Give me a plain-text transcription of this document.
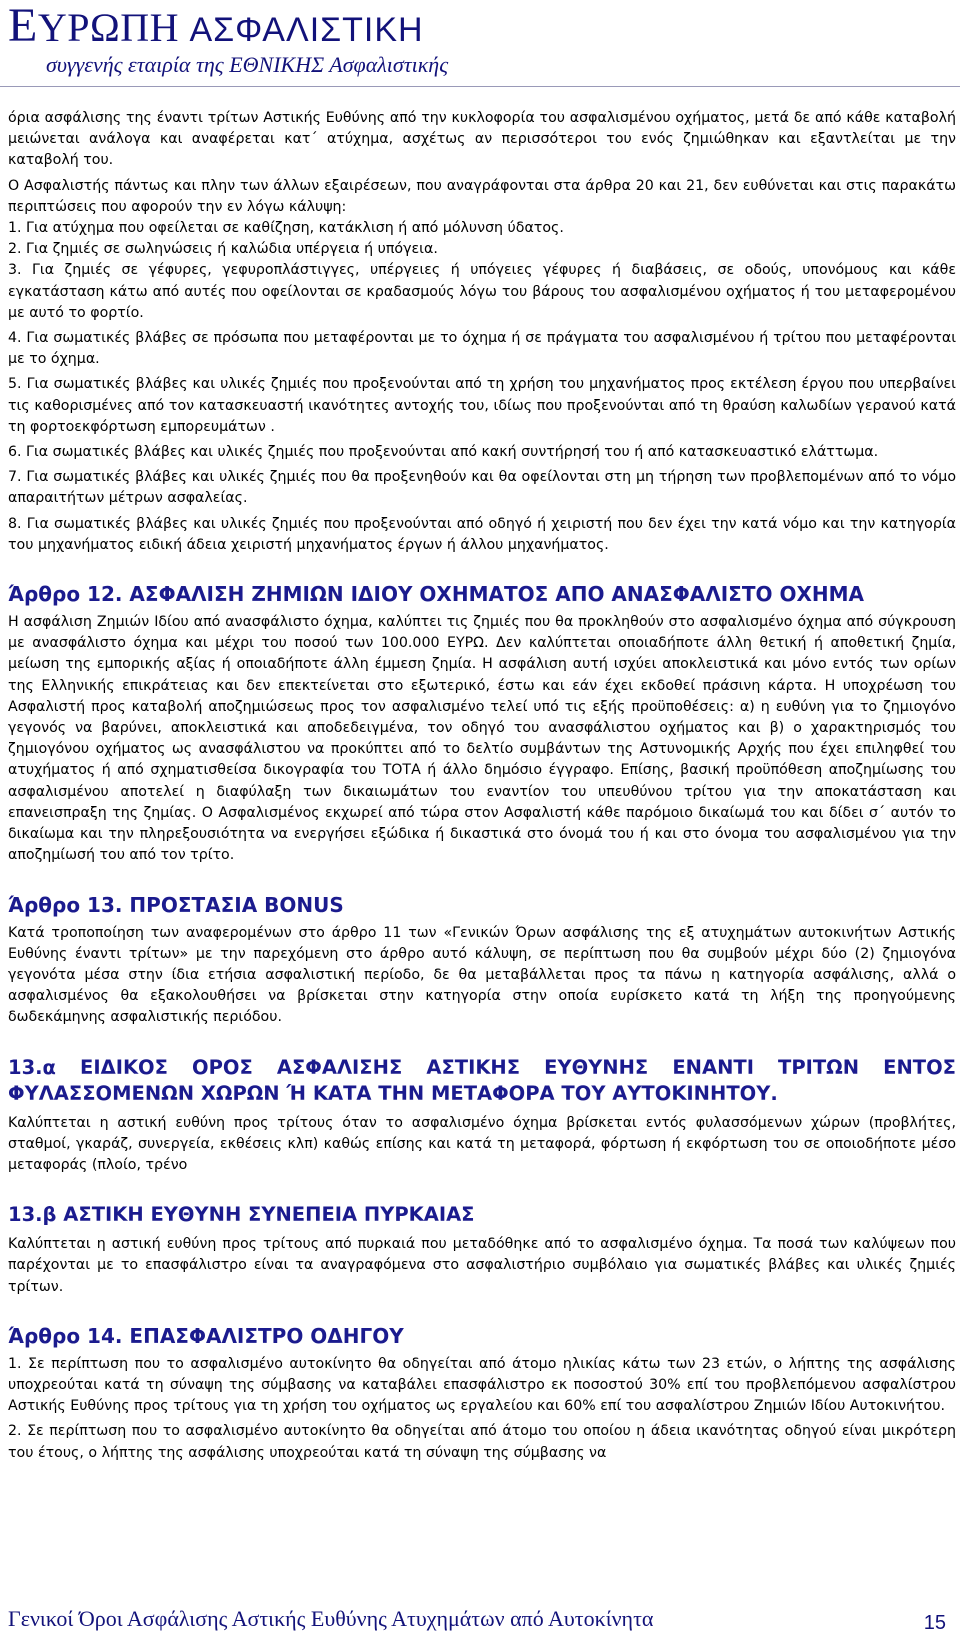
ΕΥΡΩΠΗ ΑΣΦΑΛΙΣΤΙΚΗ
συγγενής εταιρία της ΕΘΝΙΚΗΣ Ασφαλιστικής

όρια ασφάλισης της έναντι τρίτων Αστικής Ευθύνης από την κυκλοφορία του ασφαλισμένου οχήματος, μετά δε από κάθε καταβολή μειώνεται ανάλογα και αναφέρεται κατ΄ ατύχημα, ασχέτως αν περισσότεροι του ενός ζημιώθηκαν και εξαντλείται με την καταβολή του.

Ο Ασφαλιστής πάντως και πλην των άλλων εξαιρέσεων, που αναγράφονται στα άρθρα 20 και 21, δεν ευθύνεται και στις παρακάτω περιπτώσεις που αφορούν την εν λόγω κάλυψη:

1. Για ατύχημα που οφείλεται σε καθίζηση, κατάκλιση ή από μόλυνση ύδατος.

2. Για ζημιές σε σωληνώσεις ή καλώδια υπέργεια ή υπόγεια.

3. Για ζημιές σε γέφυρες, γεφυροπλάστιγγες, υπέργειες ή υπόγειες γέφυρες ή διαβάσεις, σε οδούς, υπονόμους και κάθε εγκατάσταση κάτω από αυτές που οφείλονται σε κραδασμούς λόγω του βάρους του ασφαλισμένου οχήματος ή του μεταφερομένου με αυτό το φορτίο.

4. Για σωματικές βλάβες σε πρόσωπα που μεταφέρονται με το όχημα ή σε πράγματα του ασφαλισμένου ή τρίτου που μεταφέρονται με το όχημα.

5. Για σωματικές βλάβες και υλικές ζημιές που προξενούνται από τη χρήση του μηχανήματος προς εκτέλεση έργου που υπερβαίνει τις καθορισμένες από τον κατασκευαστή ικανότητες αντοχής του, ιδίως που προξενούνται από τη θραύση καλωδίων γερανού κατά τη φορτοεκφόρτωση εμπορευμάτων .

6. Για σωματικές βλάβες και υλικές ζημιές που προξενούνται από κακή συντήρησή του ή από κατασκευαστικό ελάττωμα.

7. Για σωματικές βλάβες και υλικές ζημιές που θα προξενηθούν και θα οφείλονται στη μη τήρηση των προβλεπομένων από το νόμο απαραιτήτων μέτρων ασφαλείας.

8. Για σωματικές βλάβες και υλικές ζημιές που προξενούνται από οδηγό ή χειριστή που δεν έχει την κατά νόμο και την κατηγορία του μηχανήματος ειδική άδεια χειριστή μηχανήματος έργων ή άλλου μηχανήματος.

Άρθρο 12. ΑΣΦΑΛΙΣΗ ΖΗΜΙΩΝ ΙΔΙΟΥ ΟΧΗΜΑΤΟΣ ΑΠΟ ΑΝΑΣΦΑΛΙΣΤΟ ΟΧΗΜΑ

Η ασφάλιση Ζημιών Ιδίου από ανασφάλιστο όχημα, καλύπτει τις ζημιές που θα προκληθούν στο ασφαλισμένο όχημα από σύγκρουση με ανασφάλιστο όχημα και μέχρι του ποσού των 100.000 ΕΥΡΩ. Δεν καλύπτεται οποιαδήποτε άλλη θετική ή αποθετική ζημία, μείωση της εμπορικής αξίας ή οποιαδήποτε άλλη έμμεση ζημία. Η ασφάλιση αυτή ισχύει αποκλειστικά και μόνο εντός των ορίων της Ελληνικής επικράτειας και δεν επεκτείνεται στο εξωτερικό, έστω και εάν έχει εκδοθεί πράσινη κάρτα. Η υποχρέωση του Ασφαλιστή προς καταβολή αποζημιώσεως προς τον ασφαλισμένο τελεί υπό τις εξής προϋποθέσεις: α) η ευθύνη για το ζημιογόνο γεγονός να βαρύνει, αποκλειστικά και αποδεδειγμένα, τον οδηγό του ανασφάλιστου οχήματος και β) ο χαρακτηρισμός του ζημιογόνου οχήματος ως ανασφάλιστου να προκύπτει από το δελτίο συμβάντων της Αστυνομικής Αρχής που έχει επιληφθεί του ατυχήματος ή από σχηματισθείσα δικογραφία του ΤΟΤΑ ή άλλο δημόσιο έγγραφο. Επίσης, βασική προϋπόθεση αποζημίωσης του ασφαλισμένου αποτελεί η διαφύλαξη των δικαιωμάτων του εναντίον του υπευθύνου τρίτου για την αποκατάσταση και επανεισπραξη της ζημίας. Ο Ασφαλισμένος εκχωρεί από τώρα στον Ασφαλιστή κάθε παρόμοιο δικαίωμά του και δίδει σ΄ αυτόν το δικαίωμα και την πληρεξουσιότητα να ενεργήσει εξώδικα ή δικαστικά στο όνομά του ή και στο όνομα του ασφαλισμένου για την αποζημίωσή του από τον τρίτο.

Άρθρο 13. ΠΡΟΣΤΑΣΙΑ BONUS

Κατά τροποποίηση των αναφερομένων στο άρθρο 11 των «Γενικών Όρων ασφάλισης της εξ ατυχημάτων αυτοκινήτων Αστικής Ευθύνης έναντι τρίτων» με την παρεχόμενη στο άρθρο αυτό κάλυψη, σε περίπτωση που θα συμβούν μέχρι δύο (2) ζημιογόνα γεγονότα μέσα στην ίδια ετήσια ασφαλιστική περίοδο, δε θα μεταβάλλεται προς τα πάνω η κατηγορία ασφάλισης, αλλά ο ασφαλισμένος θα εξακολουθήσει να βρίσκεται στην κατηγορία στην οποία ευρίσκετο κατά τη λήξη της προηγούμενης δωδεκάμηνης ασφαλιστικής περιόδου.

13.α ΕΙΔΙΚΟΣ ΟΡΟΣ ΑΣΦΑΛΙΣΗΣ ΑΣΤΙΚΗΣ ΕΥΘΥΝΗΣ ΕΝΑΝΤΙ ΤΡΙΤΩΝ ΕΝΤΟΣ ΦΥΛΑΣΣΟΜΕΝΩΝ ΧΩΡΩΝ Ή ΚΑΤΑ ΤΗΝ ΜΕΤΑΦΟΡΑ ΤΟΥ ΑΥΤΟΚΙΝΗΤΟΥ.

Καλύπτεται η αστική ευθύνη προς τρίτους όταν το ασφαλισμένο όχημα βρίσκεται εντός φυλασσόμενων χώρων (προβλήτες, σταθμοί, γκαράζ, συνεργεία, εκθέσεις κλπ) καθώς επίσης και κατά τη μεταφορά, φόρτωση ή εκφόρτωση του σε οποιοδήποτε μέσο μεταφοράς (πλοίο, τρένο

13.β ΑΣΤΙΚΗ ΕΥΘΥΝΗ ΣΥΝΕΠΕΙΑ ΠΥΡΚΑΙΑΣ

Καλύπτεται η αστική ευθύνη προς τρίτους από πυρκαιά που μεταδόθηκε από το ασφαλισμένο όχημα. Τα ποσά των καλύψεων που παρέχονται με το επασφάλιστρο είναι τα αναγραφόμενα στο ασφαλιστήριο συμβόλαιο για σωματικές βλάβες και υλικές ζημιές τρίτων.

Άρθρο 14. ΕΠΑΣΦΑΛΙΣΤΡΟ ΟΔΗΓΟΥ

1. Σε περίπτωση που το ασφαλισμένο αυτοκίνητο θα οδηγείται από άτομο ηλικίας κάτω των 23 ετών, ο λήπτης της ασφάλισης υποχρεούται κατά τη σύναψη της σύμβασης να καταβάλει επασφάλιστρο εκ ποσοστού 30% επί του προβλεπόμενου ασφαλίστρου Αστικής Ευθύνης προς τρίτους για τη χρήση του οχήματος ως εργαλείου και 60% επί του ασφαλίστρου Ζημιών Ιδίου Αυτοκινήτου.

2. Σε περίπτωση που το ασφαλισμένο αυτοκίνητο θα οδηγείται από άτομο του οποίου η άδεια ικανότητας οδηγού είναι μικρότερη του έτους, ο λήπτης της ασφάλισης υποχρεούται κατά τη σύναψη της σύμβασης να

Γενικοί Όροι Ασφάλισης Αστικής Ευθύνης Ατυχημάτων από Αυτοκίνητα	15
